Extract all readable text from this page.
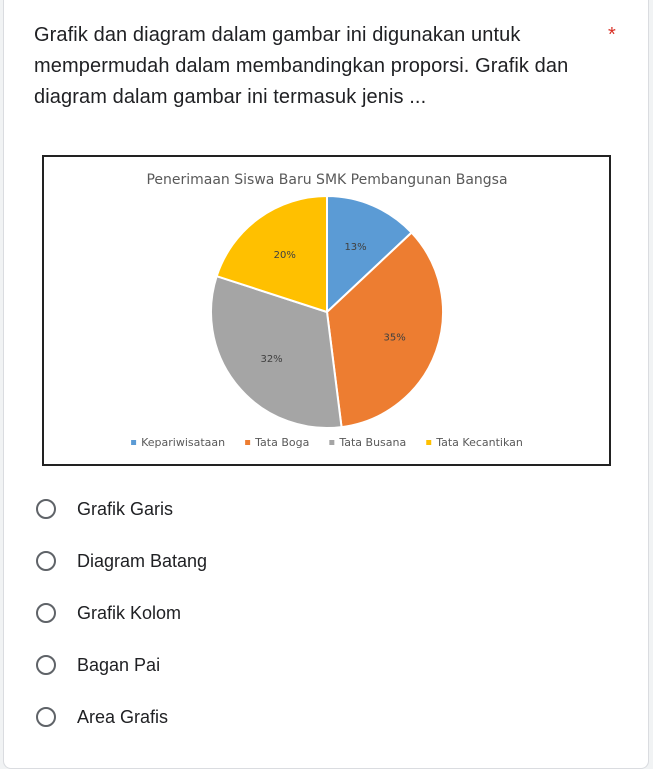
Grafik dan diagram dalam gambar ini digunakan untuk
mempermudah dalam membandingkan proporsi. Grafik dan
diagram dalam gambar ini termasuk jenis ...
*
Penerimaan Siswa Baru SMK Pembangunan Bangsa
13%
35%
32%
20%
Kepariwisataan	Tata Boga	Tata Busana	Tata Kecantikan
Grafik Garis
Diagram Batang
Grafik Kolom
Bagan Pai
Area Grafis
